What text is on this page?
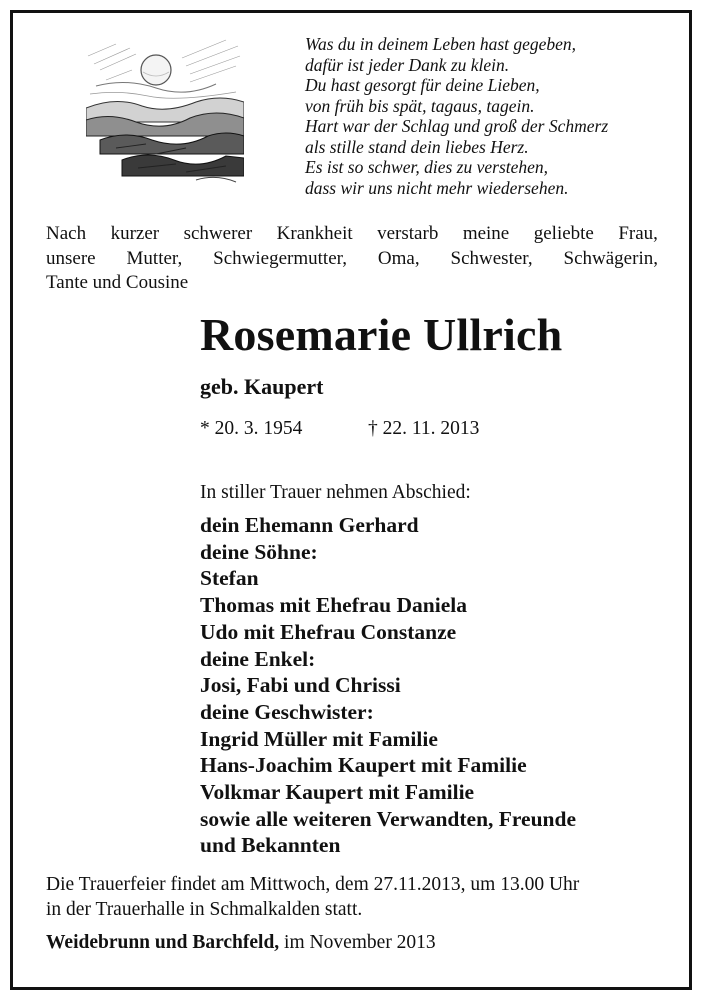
Was du in deinem Leben hast gegeben,
dafür ist jeder Dank zu klein.
Du hast gesorgt für deine Lieben,
von früh bis spät, tagaus, tagein.
Hart war der Schlag und groß der Schmerz
als stille stand dein liebes Herz.
Es ist so schwer, dies zu verstehen,
dass wir uns nicht mehr wiedersehen.
Nach kurzer schwerer Krankheit verstarb meine geliebte Frau,
unsere Mutter, Schwiegermutter, Oma, Schwester, Schwägerin,
Tante und Cousine
Rosemarie Ullrich
geb. Kaupert
* 20. 3. 1954	† 22. 11. 2013
In stiller Trauer nehmen Abschied:
dein Ehemann Gerhard
deine Söhne:
Stefan
Thomas mit Ehefrau Daniela
Udo mit Ehefrau Constanze
deine Enkel:
Josi, Fabi und Chrissi
deine Geschwister:
Ingrid Müller mit Familie
Hans-Joachim Kaupert mit Familie
Volkmar Kaupert mit Familie
sowie alle weiteren Verwandten, Freunde
und Bekannten
Die Trauerfeier findet am Mittwoch, dem 27.11.2013, um 13.00 Uhr
in der Trauerhalle in Schmalkalden statt.
Weidebrunn und Barchfeld, im November 2013
